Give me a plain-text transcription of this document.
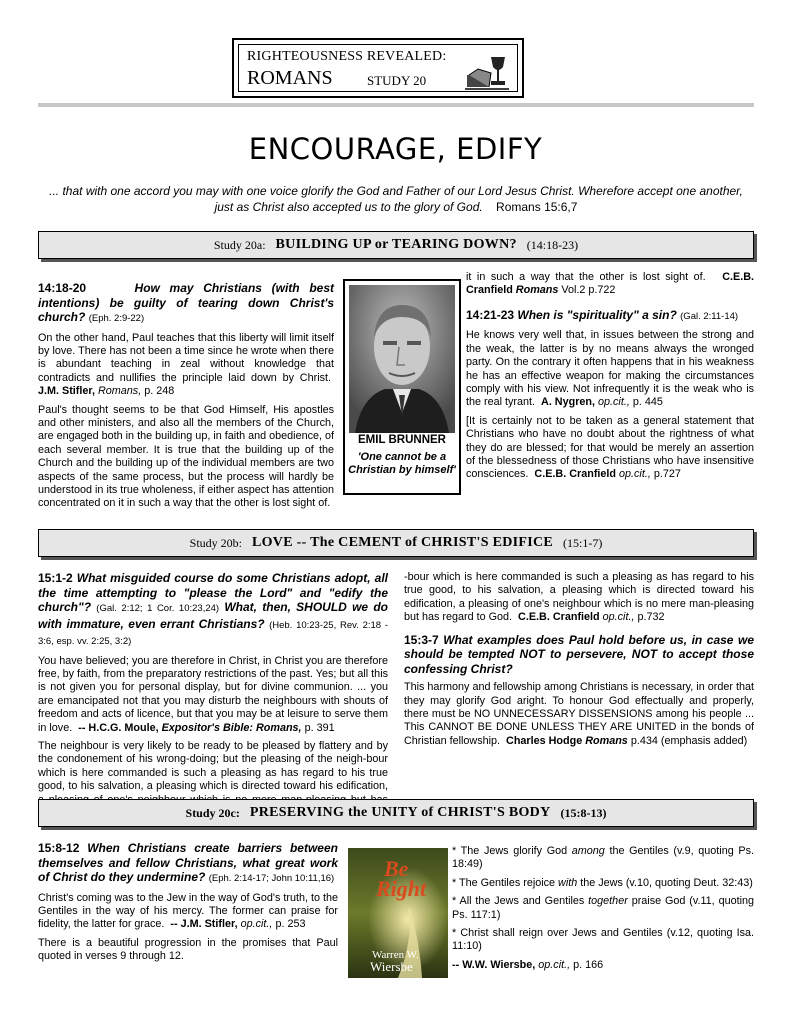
RIGHTEOUSNESS REVEALED:
ROMANS	STUDY 20
ENCOURAGE, EDIFY
... that with one accord you may with one voice glorify the God and Father of our Lord Jesus Christ. Wherefore accept one another, just as Christ also accepted us to the glory of God. Romans 15:6,7
Study 20a: BUILDING UP or TEARING DOWN? (14:18-23)

14:18-20	How may Christians (with best intentions) be guilty of tearing down Christ's church? (Eph. 2:9-22)

On the other hand, Paul teaches that this liberty will limit itself by love. There has not been a time since he wrote when there is abundant teaching in zeal without knowledge that contradicts and nullifies the principle laid down by Christ.  J.M. Stifler, Romans, p. 248

Paul's thought seems to be that God Himself, His apostles and other ministers, and also all the members of the Church, are engaged both in the building up, in faith and obedience, of each several member. It is true that the building up of the Church and the building up of the individual members are two aspects of the same process, but the process will hardly be understood in its true wholeness, if either aspect has attention concentrated on it in such a way that the other is lost sight of.

EMIL BRUNNER
'One cannot be a Christian by himself'

it in such a way that the other is lost sight of. C.E.B. Cranfield Romans Vol.2 p.722

14:21-23 When is "spirituality" a sin? (Gal. 2:11-14)

He knows very well that, in issues between the strong and the weak, the latter is by no means always the wronged party. On the contrary it often happens that in his weakness he has an effective weapon for making the circumstances comply with his view. Not infrequently it is the weak who is the real tyrant. A. Nygren, op.cit., p. 445

[It is certainly not to be taken as a general statement that Christians who have no doubt about the rightness of what they do are blessed; for that would be merely an assertion of the blessedness of those Christians who have insensitive consciences. C.E.B. Cranfield op.cit., p.727

Study 20b: LOVE -- The CEMENT of CHRIST'S EDIFICE (15:1-7)

15:1-2 What misguided course do some Christians adopt, all the time attempting to "please the Lord" and "edify the church"? (Gal. 2:12; 1 Cor. 10:23,24) What, then, SHOULD we do with immature, even errant Christians? (Heb. 10:23-25, Rev. 2:18 - 3:6, esp. vv. 2:25, 3:2)

You have believed; you are therefore in Christ, in Christ you are therefore free, by faith, from the preparatory restrictions of the past. Yes; but all this is not given you for personal display, but for divine communion. ... you are emancipated not that you may disturb the neighbours with shouts of freedom and acts of licence, but that you may be at leisure to serve them in love. -- H.C.G. Moule, Expositor's Bible: Romans, p. 391

The neighbour is very likely to be ready to be pleased by flattery and by the condonement of his wrong-doing; but the pleasing of the neigh-bour which is here commanded is such a pleasing as has regard to his true good, to his salvation, a pleasing which is directed toward his edification,

-bour which is here commanded is such a pleasing as has regard to his true good, to his salvation, a pleasing which is directed toward his edification, a pleasing of one's neighbour which is no mere man-pleasing but has regard to God. C.E.B. Cranfield op.cit., p.732

15:3-7 What examples does Paul hold before us, in case we should be tempted NOT to persevere, NOT to accept those confessing Christ?

This harmony and fellowship among Christians is necessary, in order that they may glorify God aright. To honour God effectually and properly, there must be NO UNNECESSARY DISSENSIONS among his people ... This CANNOT BE DONE UNLESS THEY ARE UNITED in the bonds of Christian fellowship. Charles Hodge Romans p.434 (emphasis added)

Study 20c: PRESERVING the UNITY of CHRIST'S BODY (15:8-13)

15:8-12 When Christians create barriers between themselves and fellow Christians, what great work of Christ do they undermine? (Eph. 2:14-17; John 10:11,16)

Christ's coming was to the Jew in the way of God's truth, to the Gentiles in the way of his mercy. The former can praise for fidelity, the latter for grace. -- J.M. Stifler, op.cit., p. 253

There is a beautiful progression in the promises that Paul quoted in verses 9 through 12.

Be
Right
Warren W.
Wiersbe

* The Jews glorify God among the Gentiles (v.9, quoting Ps. 18:49)

* The Gentiles rejoice with the Jews (v.10, quoting Deut. 32:43)

* All the Jews and Gentiles together praise God (v.11, quoting Ps. 117:1)

* Christ shall reign over Jews and Gentiles (v.12, quoting Isa. 11:10)

-- W.W. Wiersbe, op.cit., p. 166
